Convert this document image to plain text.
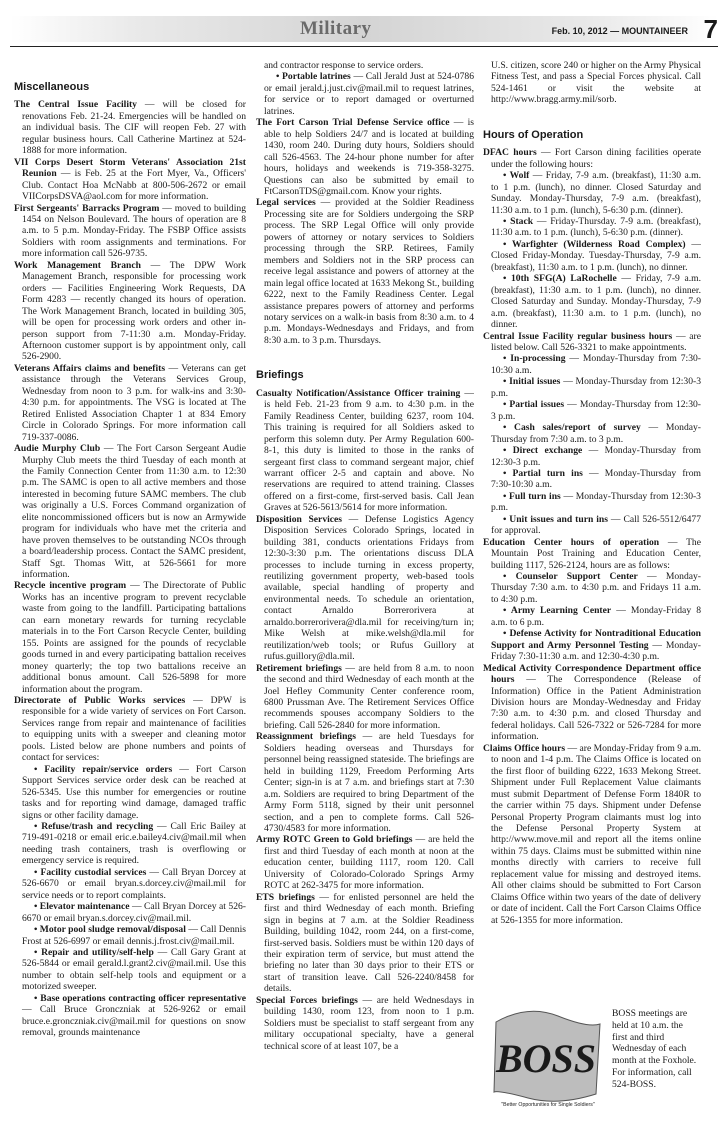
Military	Feb. 10, 2012 — MOUNTAINEER 7
Miscellaneous

The Central Issue Facility — will be closed for renovations Feb. 21-24. Emergencies will be handled on an individual basis. The CIF will reopen Feb. 27 with regular business hours. Call Catherine Martinez at 524-1888 for more information.

VII Corps Desert Storm Veterans' Association 21st Reunion — is Feb. 25 at the Fort Myer, Va., Officers' Club. Contact Hoa McNabb at 800-506-2672 or email VIICorpsDSVA@aol.com for more information.

First Sergeants' Barracks Program — moved to building 1454 on Nelson Boulevard. The hours of operation are 8 a.m. to 5 p.m. Monday-Friday. The FSBP Office assists Soldiers with room assignments and terminations. For more information call 526-9735.

Work Management Branch — The DPW Work Management Branch, responsible for processing work orders — Facilities Engineering Work Requests, DA Form 4283 — recently changed its hours of operation. The Work Management Branch, located in building 305, will be open for processing work orders and other in-person support from 7-11:30 a.m. Monday-Friday. Afternoon customer support is by appointment only, call 526-2900.

Veterans Affairs claims and benefits — Veterans can get assistance through the Veterans Services Group, Wednesday from noon to 3 p.m. for walk-ins and 3:30-4:30 p.m. for appointments. The VSG is located at The Retired Enlisted Association Chapter 1 at 834 Emory Circle in Colorado Springs. For more information call 719-337-0086.

Audie Murphy Club — The Fort Carson Sergeant Audie Murphy Club meets the third Tuesday of each month at the Family Connection Center from 11:30 a.m. to 12:30 p.m. The SAMC is open to all active members and those interested in becoming future SAMC members. The club was originally a U.S. Forces Command organization of elite noncommissioned officers but is now an Armywide program for individuals who have met the criteria and have proven themselves to be outstanding NCOs through a board/leadership process. Contact the SAMC president, Staff Sgt. Thomas Witt, at 526-5661 for more information.

Recycle incentive program — The Directorate of Public Works has an incentive program to prevent recyclable waste from going to the landfill. Participating battalions can earn monetary rewards for turning recyclable materials in to the Fort Carson Recycle Center, building 155. Points are assigned for the pounds of recyclable goods turned in and every participating battalion receives money quarterly; the top two battalions receive an additional bonus amount. Call 526-5898 for more information about the program.

Directorate of Public Works services — DPW is responsible for a wide variety of services on Fort Carson. Services range from repair and maintenance of facilities to equipping units with a sweeper and cleaning motor pools. Listed below are phone numbers and points of contact for services:

• Facility repair/service orders — Fort Carson Support Services service order desk can be reached at 526-5345. Use this number for emergencies or routine tasks and for reporting wind damage, damaged traffic signs or other facility damage.

• Refuse/trash and recycling — Call Eric Bailey at 719-491-0218 or email eric.e.bailey4.civ@mail.mil when needing trash containers, trash is overflowing or emergency service is required.

• Facility custodial services — Call Bryan Dorcey at 526-6670 or email bryan.s.dorcey.civ@mail.mil for service needs or to report complaints.

• Elevator maintenance — Call Bryan Dorcey at 526-6670 or email bryan.s.dorcey.civ@mail.mil.

• Motor pool sludge removal/disposal — Call Dennis Frost at 526-6997 or email dennis.j.frost.civ@mail.mil.

• Repair and utility/self-help — Call Gary Grant at 526-5844 or email gerald.l.grant2.civ@mail.mil. Use this number to obtain self-help tools and equipment or a motorized sweeper.

• Base operations contracting officer representative — Call Bruce Gronczniak at 526-9262 or email bruce.e.gronczniak.civ@mail.mil for questions on snow removal, grounds maintenance

and contractor response to service orders.

• Portable latrines — Call Jerald Just at 524-0786 or email jerald.j.just.civ@mail.mil to request latrines, for service or to report damaged or overturned latrines.

The Fort Carson Trial Defense Service office — is able to help Soldiers 24/7 and is located at building 1430, room 240. During duty hours, Soldiers should call 526-4563. The 24-hour phone number for after hours, holidays and weekends is 719-358-3275. Questions can also be submitted by email to FtCarsonTDS@gmail.com. Know your rights.

Legal services — provided at the Soldier Readiness Processing site are for Soldiers undergoing the SRP process. The SRP Legal Office will only provide powers of attorney or notary services to Soldiers processing through the SRP. Retirees, Family members and Soldiers not in the SRP process can receive legal assistance and powers of attorney at the main legal office located at 1633 Mekong St., building 6222, next to the Family Readiness Center. Legal assistance prepares powers of attorney and performs notary services on a walk-in basis from 8:30 a.m. to 4 p.m. Mondays-Wednesdays and Fridays, and from 8:30 a.m. to 3 p.m. Thursdays.

Briefings

Casualty Notification/Assistance Officer training — is held Feb. 21-23 from 9 a.m. to 4:30 p.m. in the Family Readiness Center, building 6237, room 104. This training is required for all Soldiers asked to perform this solemn duty. Per Army Regulation 600-8-1, this duty is limited to those in the ranks of sergeant first class to command sergeant major, chief warrant officer 2-5 and captain and above. No reservations are required to attend training. Classes offered on a first-come, first-served basis. Call Jean Graves at 526-5613/5614 for more information.

Disposition Services — Defense Logistics Agency Disposition Services Colorado Springs, located in building 381, conducts orientations Fridays from 12:30-3:30 p.m. The orientations discuss DLA processes to include turning in excess property, reutilizing government property, web-based tools available, special handling of property and environmental needs. To schedule an orientation, contact Arnaldo Borrerorivera at arnaldo.borrerorivera@dla.mil for receiving/turn in; Mike Welsh at mike.welsh@dla.mil for reutilization/web tools; or Rufus Guillory at rufus.guillory@dla.mil.

Retirement briefings — are held from 8 a.m. to noon the second and third Wednesday of each month at the Joel Hefley Community Center conference room, 6800 Prussman Ave. The Retirement Services Office recommends spouses accompany Soldiers to the briefing. Call 526-2840 for more information.

Reassignment briefings — are held Tuesdays for Soldiers heading overseas and Thursdays for personnel being reassigned stateside. The briefings are held in building 1129, Freedom Performing Arts Center; sign-in is at 7 a.m. and briefings start at 7:30 a.m. Soldiers are required to bring Department of the Army Form 5118, signed by their unit personnel section, and a pen to complete forms. Call 526-4730/4583 for more information.

Army ROTC Green to Gold briefings — are held the first and third Tuesday of each month at noon at the education center, building 1117, room 120. Call University of Colorado-Colorado Springs Army ROTC at 262-3475 for more information.

ETS briefings — for enlisted personnel are held the first and third Wednesday of each month. Briefing sign in begins at 7 a.m. at the Soldier Readiness Building, building 1042, room 244, on a first-come, first-served basis. Soldiers must be within 120 days of their expiration term of service, but must attend the briefing no later than 30 days prior to their ETS or start of transition leave. Call 526-2240/8458 for details.

Special Forces briefings — are held Wednesdays in building 1430, room 123, from noon to 1 p.m. Soldiers must be specialist to staff sergeant from any military occupational specialty, have a general technical score of at least 107, be a

U.S. citizen, score 240 or higher on the Army Physical Fitness Test, and pass a Special Forces physical. Call 524-1461 or visit the website at http://www.bragg.army.mil/sorb.

Hours of Operation

DFAC hours — Fort Carson dining facilities operate under the following hours:

• Wolf — Friday, 7-9 a.m. (breakfast), 11:30 a.m. to 1 p.m. (lunch), no dinner. Closed Saturday and Sunday. Monday-Thursday, 7-9 a.m. (breakfast), 11:30 a.m. to 1 p.m. (lunch), 5-6:30 p.m. (dinner).

• Stack — Friday-Thursday. 7-9 a.m. (breakfast), 11:30 a.m. to 1 p.m. (lunch), 5-6:30 p.m. (dinner).

• Warfighter (Wilderness Road Complex) — Closed Friday-Monday. Tuesday-Thursday, 7-9 a.m. (breakfast), 11:30 a.m. to 1 p.m. (lunch), no dinner.

• 10th SFG(A) LaRochelle — Friday, 7-9 a.m. (breakfast), 11:30 a.m. to 1 p.m. (lunch), no dinner. Closed Saturday and Sunday. Monday-Thursday, 7-9 a.m. (breakfast), 11:30 a.m. to 1 p.m. (lunch), no dinner.

Central Issue Facility regular business hours — are listed below. Call 526-3321 to make appointments.

• In-processing — Monday-Thursday from 7:30-10:30 a.m.

• Initial issues — Monday-Thursday from 12:30-3 p.m.

• Partial issues — Monday-Thursday from 12:30-3 p.m.

• Cash sales/report of survey — Monday-Thursday from 7:30 a.m. to 3 p.m.

• Direct exchange — Monday-Thursday from 12:30-3 p.m.

• Partial turn ins — Monday-Thursday from 7:30-10:30 a.m.

• Full turn ins — Monday-Thursday from 12:30-3 p.m.

• Unit issues and turn ins — Call 526-5512/6477 for approval.

Education Center hours of operation — The Mountain Post Training and Education Center, building 1117, 526-2124, hours are as follows:

• Counselor Support Center — Monday-Thursday 7:30 a.m. to 4:30 p.m. and Fridays 11 a.m. to 4:30 p.m.

• Army Learning Center — Monday-Friday 8 a.m. to 6 p.m.

• Defense Activity for Nontraditional Education Support and Army Personnel Testing — Monday-Friday 7:30-11:30 a.m. and 12:30-4:30 p.m.

Medical Activity Correspondence Department office hours — The Correspondence (Release of Information) Office in the Patient Administration Division hours are Monday-Wednesday and Friday 7:30 a.m. to 4:30 p.m. and closed Thursday and federal holidays. Call 526-7322 or 526-7284 for more information.

Claims Office hours — are Monday-Friday from 9 a.m. to noon and 1-4 p.m. The Claims Office is located on the first floor of building 6222, 1633 Mekong Street. Shipment under Full Replacement Value claimants must submit Department of Defense Form 1840R to the carrier within 75 days. Shipment under Defense Personal Property Program claimants must log into the Defense Personal Property System at http://www.move.mil and report all the items online within 75 days. Claims must be submitted within nine months directly with carriers to receive full replacement value for missing and destroyed items. All other claims should be submitted to Fort Carson Claims Office within two years of the date of delivery or date of incident. Call the Fort Carson Claims Office at 526-1355 for more information.

BOSS
"Better Opportunities for Single Soldiers"
BOSS meetings are held at 10 a.m. the first and third Wednesday of each month at the Foxhole. For information, call 524-BOSS.
